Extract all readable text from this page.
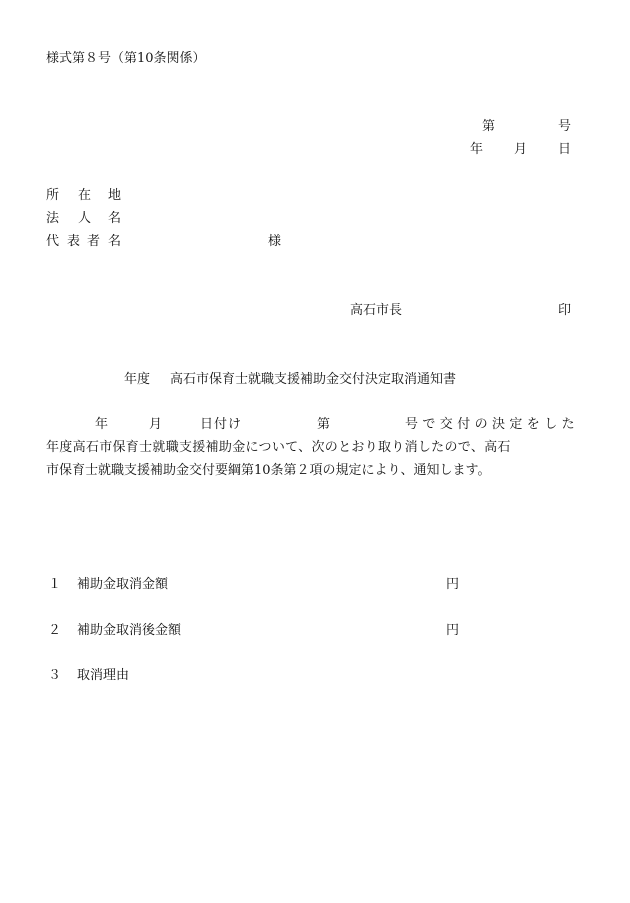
様式第８号（第10条関係）
第	号
年 月 日
所 在 地
法 人 名
代 表 者 名	様
高石市長	印
年度 高石市保育士就職支援補助金交付決定取消通知書
年	月	日付け	第	号で交付の決定をした
年度高石市保育士就職支援補助金について、次のとおり取り消したので、高石
市保育士就職支援補助金交付要綱第10条第２項の規定により、通知します。
１ 補助金取消金額	円
２ 補助金取消後金額	円
３ 取消理由
